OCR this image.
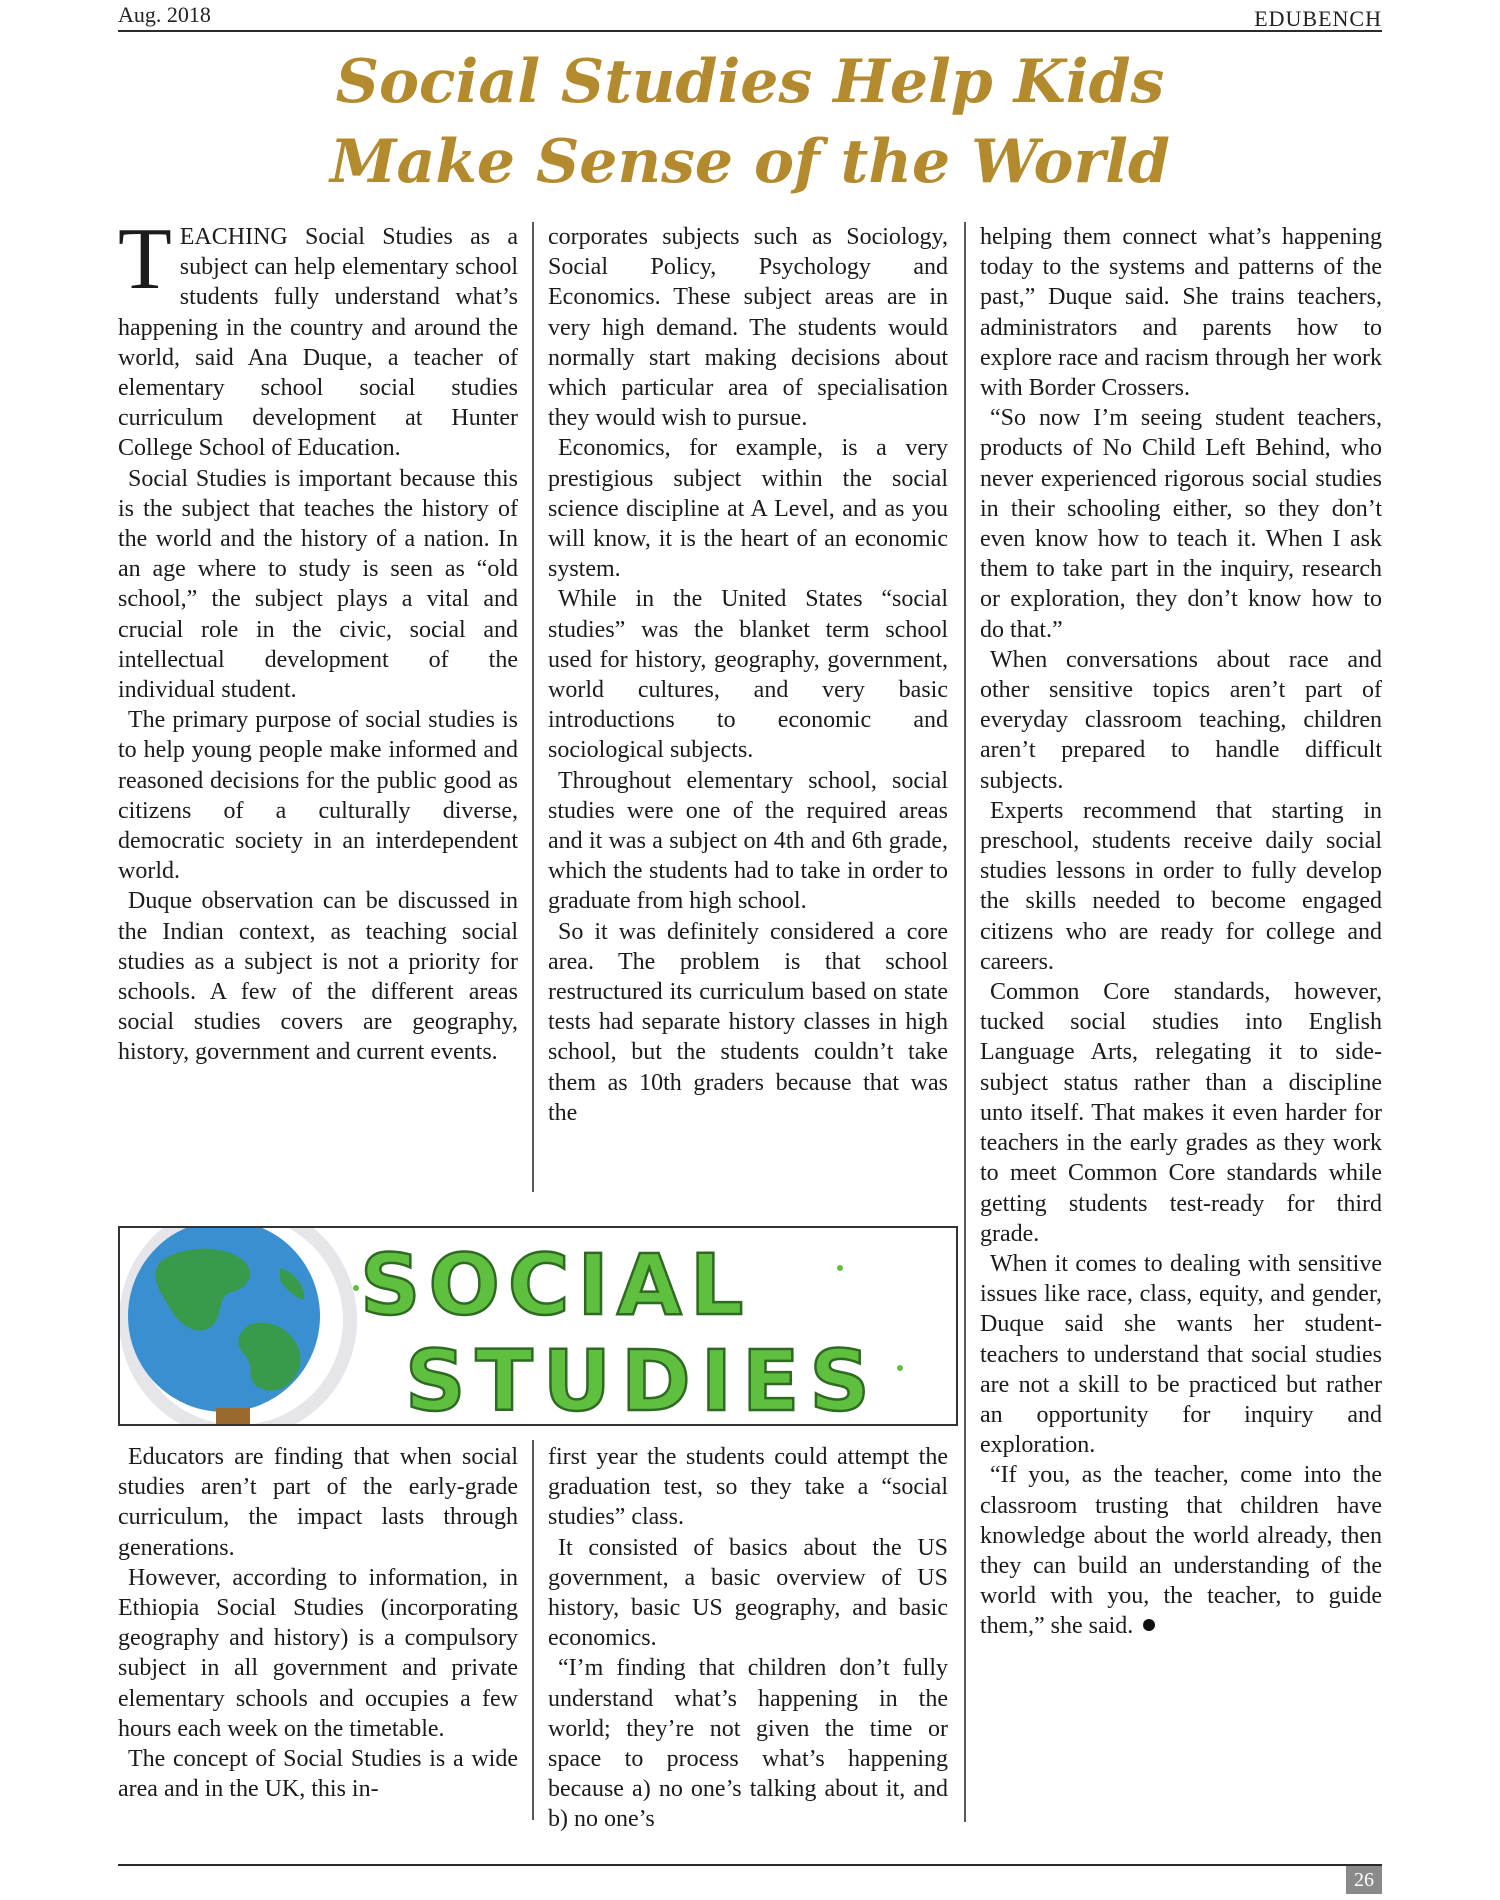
Aug. 2018	EDUBENCH
Social Studies Help Kids
Make Sense of the World

TEACHING Social Studies as a subject can help elementary school students fully understand what’s happening in the country and around the world, said Ana Duque, a teacher of elementary school social studies curriculum development at Hunter College School of Education.

Social Studies is important because this is the subject that teaches the history of the world and the history of a nation. In an age where to study is seen as “old school,” the subject plays a vital and crucial role in the civic, social and intellectual development of the individual student.

The primary purpose of social studies is to help young people make informed and reasoned decisions for the public good as citizens of a culturally diverse, democratic society in an interdependent world.

Duque observation can be discussed in the Indian context, as teaching social studies as a subject is not a priority for schools. A few of the different areas social studies covers are geography, history, government and current events.

corporates subjects such as Sociology, Social Policy, Psychology and Economics. These subject areas are in very high demand. The students would normally start making decisions about which particular area of specialisation they would wish to pursue.

Economics, for example, is a very prestigious subject within the social science discipline at A Level, and as you will know, it is the heart of an economic system.

While in the United States “social studies” was the blanket term school used for history, geography, government, world cultures, and very basic introductions to economic and sociological subjects.

Throughout elementary school, social studies were one of the required areas and it was a subject on 4th and 6th grade, which the students had to take in order to graduate from high school.

So it was definitely considered a core area. The problem is that school restructured its curriculum based on state tests had separate history classes in high school, but the students couldn’t take them as 10th graders because that was the

helping them connect what’s happening today to the systems and patterns of the past,” Duque said. She trains teachers, administrators and parents how to explore race and racism through her work with Border Crossers.

“So now I’m seeing student teachers, products of No Child Left Behind, who never experienced rigorous social studies in their schooling either, so they don’t even know how to teach it. When I ask them to take part in the inquiry, research or exploration, they don’t know how to do that.”

When conversations about race and other sensitive topics aren’t part of everyday classroom teaching, children aren’t prepared to handle difficult subjects.

Experts recommend that starting in preschool, students receive daily social studies lessons in order to fully develop the skills needed to become engaged citizens who are ready for college and careers.

Common Core standards, however, tucked social studies into English Language Arts, relegating it to side-subject status rather than a discipline unto itself. That makes it even harder for teachers in the early grades as they work to meet Common Core standards while getting students test-ready for third grade.

When it comes to dealing with sensitive issues like race, class, equity, and gender, Duque said she wants her student-teachers to understand that social studies are not a skill to be practiced but rather an opportunity for inquiry and exploration.

“If you, as the teacher, come into the classroom trusting that children have knowledge about the world already, then they can build an understanding of the world with you, the teacher, to guide them,” she said.

SOCIAL
STUDIES

Educators are finding that when social studies aren’t part of the early-grade curriculum, the impact lasts through generations.

However, according to information, in Ethiopia Social Studies (incorporating geography and history) is a compulsory subject in all government and private elementary schools and occupies a few hours each week on the timetable.

The concept of Social Studies is a wide area and in the UK, this in-

first year the students could attempt the graduation test, so they take a “social studies” class.

It consisted of basics about the US government, a basic overview of US history, basic US geography, and basic economics.

“I’m finding that children don’t fully understand what’s happening in the world; they’re not given the time or space to process what’s happening because a) no one’s talking about it, and b) no one’s

26
